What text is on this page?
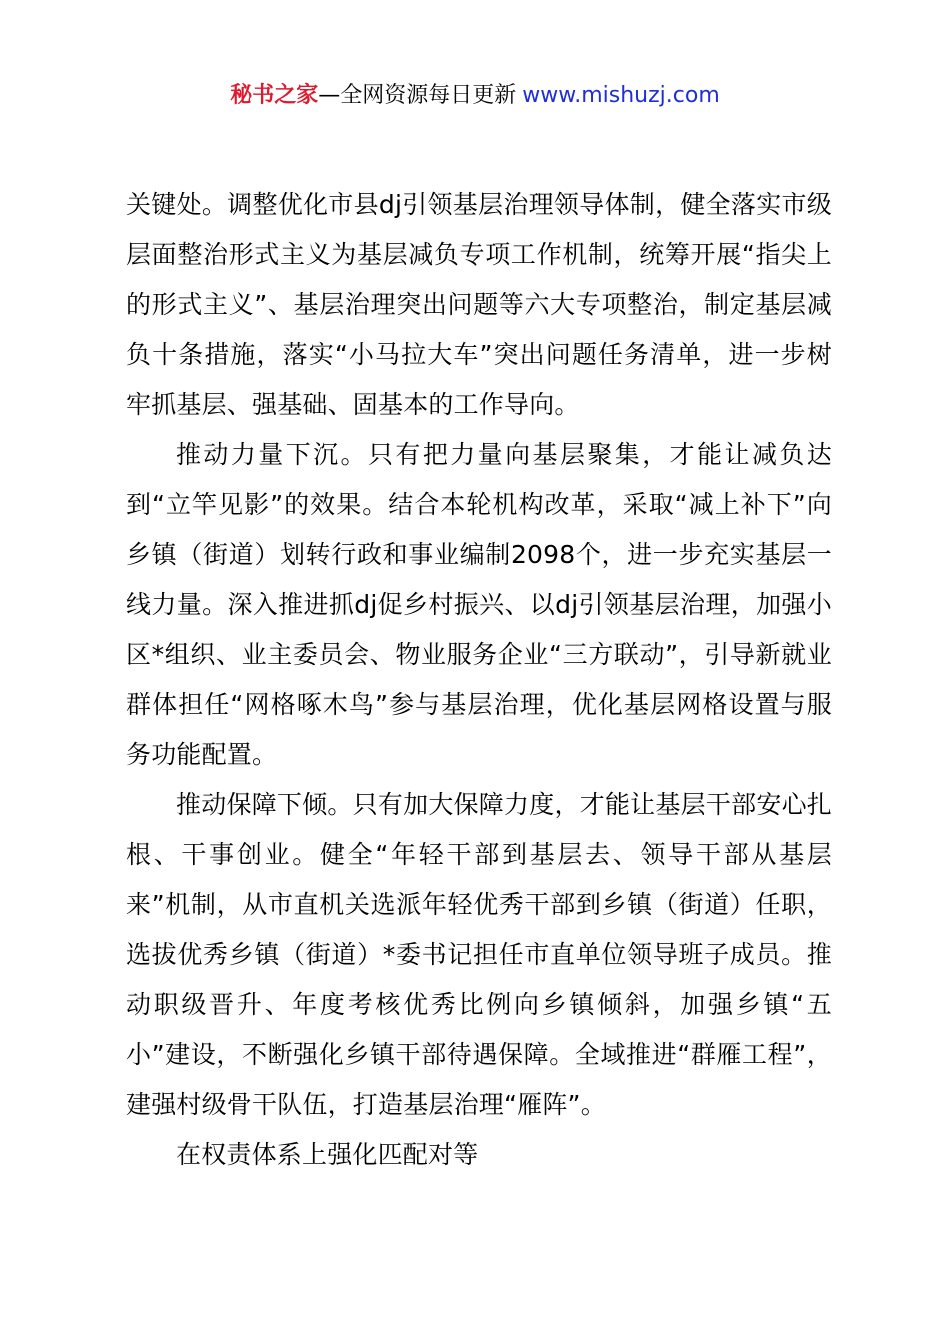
秘书之家—全网资源每日更新 www.mishuzj.com

关键处。调整优化市县dj引领基层治理领导体制，健全落实市级层面整治形式主义为基层减负专项工作机制，统筹开展“指尖上的形式主义”、基层治理突出问题等六大专项整治，制定基层减负十条措施，落实“小马拉大车”突出问题任务清单，进一步树牢抓基层、强基础、固基本的工作导向。

推动力量下沉。只有把力量向基层聚集，才能让减负达到“立竿见影”的效果。结合本轮机构改革，采取“减上补下”向乡镇（街道）划转行政和事业编制2098个，进一步充实基层一线力量。深入推进抓dj促乡村振兴、以dj引领基层治理，加强小区*组织、业主委员会、物业服务企业“三方联动”，引导新就业群体担任“网格啄木鸟”参与基层治理，优化基层网格设置与服务功能配置。

推动保障下倾。只有加大保障力度，才能让基层干部安心扎根、干事创业。健全“年轻干部到基层去、领导干部从基层来”机制，从市直机关选派年轻优秀干部到乡镇（街道）任职，选拔优秀乡镇（街道）*委书记担任市直单位领导班子成员。推动职级晋升、年度考核优秀比例向乡镇倾斜，加强乡镇“五小”建设，不断强化乡镇干部待遇保障。全域推进“群雁工程”，建强村级骨干队伍，打造基层治理“雁阵”。

在权责体系上强化匹配对等
